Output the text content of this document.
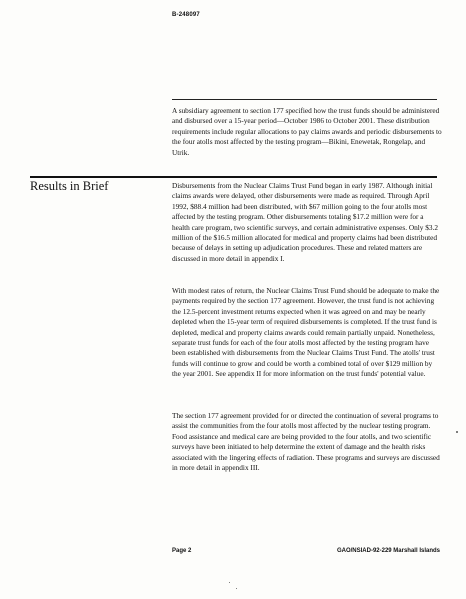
B-248097

A subsidiary agreement to section 177 specified how the trust funds should be administered and disbursed over a 15-year period—October 1986 to October 2001. These distribution requirements include regular allocations to pay claims awards and periodic disbursements to the four atolls most affected by the testing program—Bikini, Enewetak, Rongelap, and Utrik.

Results in Brief	Disbursements from the Nuclear Claims Trust Fund began in early 1987. Although initial claims awards were delayed, other disbursements were made as required. Through April 1992, $88.4 million had been distributed, with $67 million going to the four atolls most affected by the testing program. Other disbursements totaling $17.2 million were for a health care program, two scientific surveys, and certain administrative expenses. Only $3.2 million of the $16.5 million allocated for medical and property claims had been distributed because of delays in setting up adjudication procedures. These and related matters are discussed in more detail in appendix I.

With modest rates of return, the Nuclear Claims Trust Fund should be adequate to make the payments required by the section 177 agreement. However, the trust fund is not achieving the 12.5-percent investment returns expected when it was agreed on and may be nearly depleted when the 15-year term of required disbursements is completed. If the trust fund is depleted, medical and property claims awards could remain partially unpaid. Nonetheless, separate trust funds for each of the four atolls most affected by the testing program have been established with disbursements from the Nuclear Claims Trust Fund. The atolls' trust funds will continue to grow and could be worth a combined total of over $129 million by the year 2001. See appendix II for more information on the trust funds' potential value.

The section 177 agreement provided for or directed the continuation of several programs to assist the communities from the four atolls most affected by the nuclear testing program. Food assistance and medical care are being provided to the four atolls, and two scientific surveys have been initiated to help determine the extent of damage and the health risks associated with the lingering effects of radiation. These programs and surveys are discussed in more detail in appendix III.

Page 2	GAO/NSIAD-92-229 Marshall Islands
